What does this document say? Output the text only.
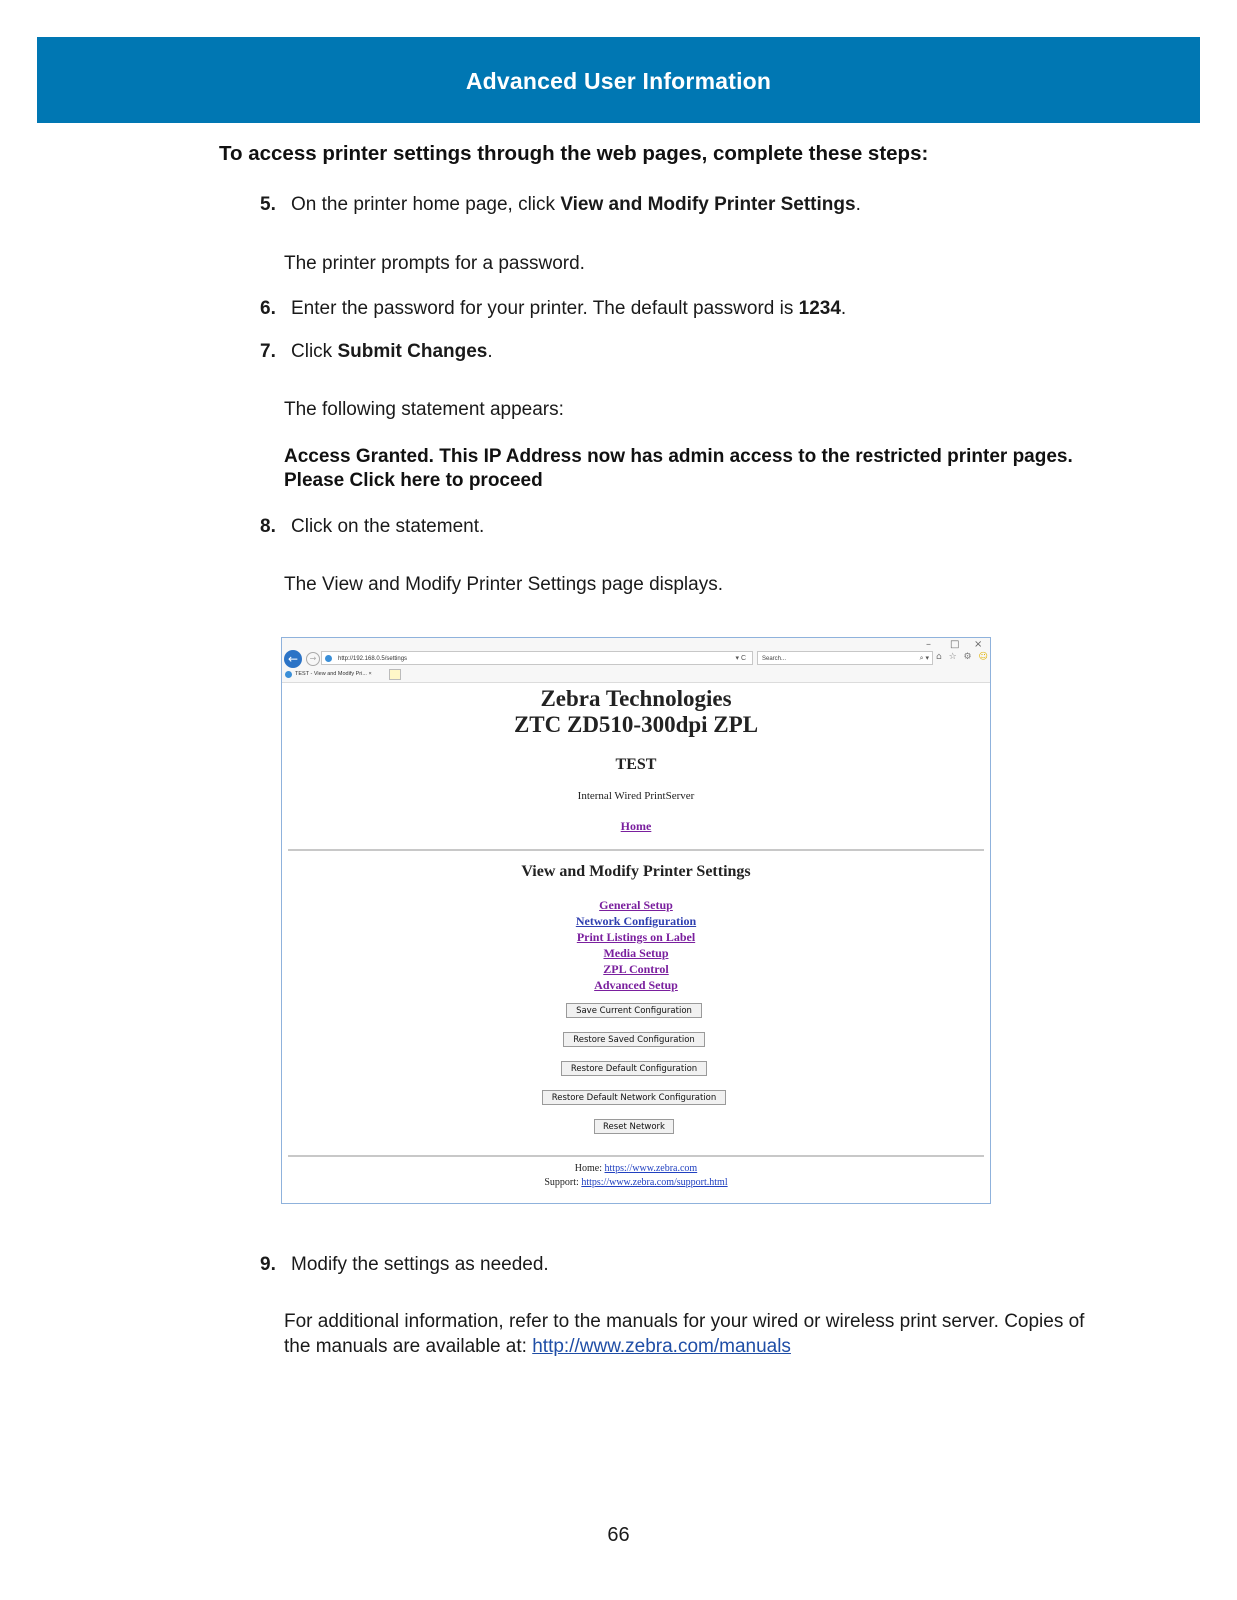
Advanced User Information
To access printer settings through the web pages, complete these steps:
5. On the printer home page, click View and Modify Printer Settings.
The printer prompts for a password.
6. Enter the password for your printer. The default password is 1234.
7. Click Submit Changes.
The following statement appears:
Access Granted. This IP Address now has admin access to the restricted printer pages.
Please Click here to proceed
8. Click on the statement.
The View and Modify Printer Settings page displays.
– □ ×
←	→	http://192.168.0.5/settings	▾ C	Search...	⌕ ▾ ⌂ ☆ ⚙ ☺
TEST - View and Modify Pri... ×
Zebra Technologies
ZTC ZD510-300dpi ZPL
TEST
Internal Wired PrintServer
Home
View and Modify Printer Settings
General Setup
Network Configuration
Print Listings on Label
Media Setup
ZPL Control
Advanced Setup
Save Current Configuration
Restore Saved Configuration
Restore Default Configuration
Restore Default Network Configuration
Reset Network
Home: https://www.zebra.com
Support: https://www.zebra.com/support.html
9. Modify the settings as needed.
For additional information, refer to the manuals for your wired or wireless print server. Copies of
the manuals are available at: http://www.zebra.com/manuals
66
